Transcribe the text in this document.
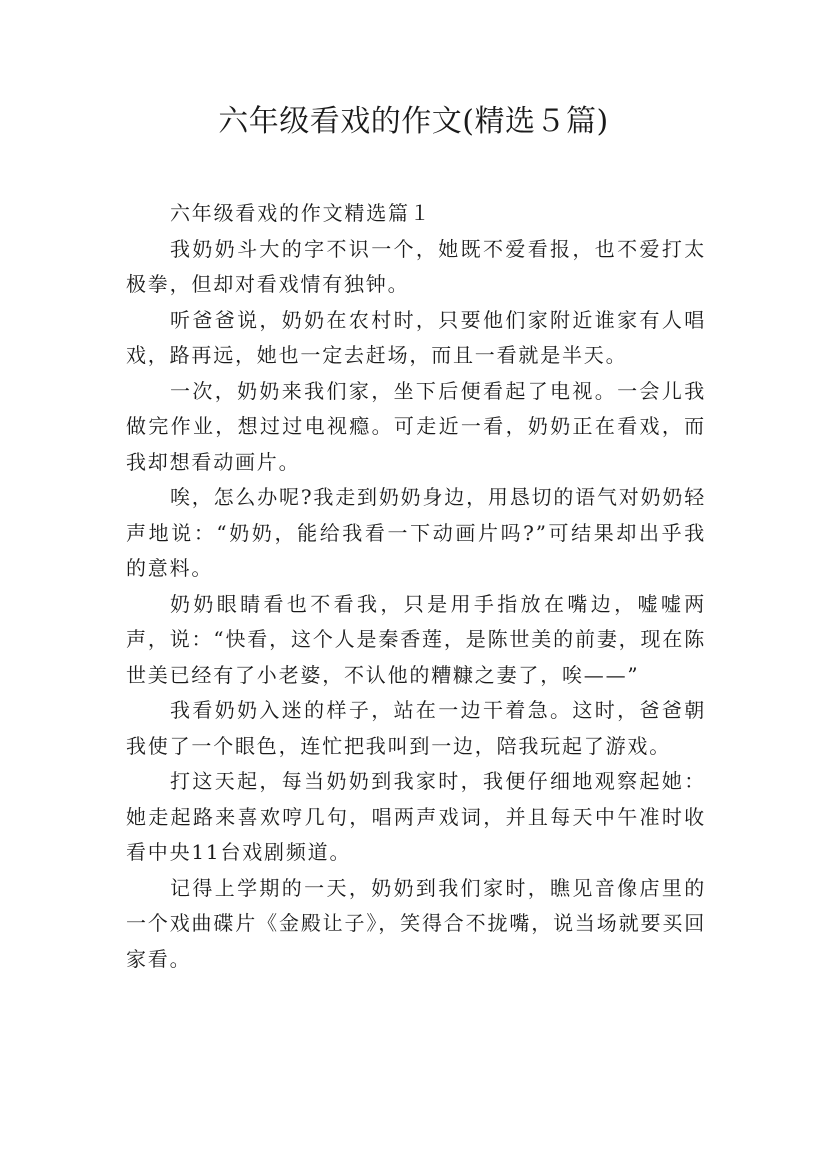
六年级看戏的作文(精选５篇)

六年级看戏的作文精选篇１

我奶奶斗大的字不识一个，她既不爱看报，也不爱打太极拳，但却对看戏情有独钟。

听爸爸说，奶奶在农村时，只要他们家附近谁家有人唱戏，路再远，她也一定去赶场，而且一看就是半天。

一次，奶奶来我们家，坐下后便看起了电视。一会儿我做完作业，想过过电视瘾。可走近一看，奶奶正在看戏，而我却想看动画片。

唉，怎么办呢?我走到奶奶身边，用恳切的语气对奶奶轻声地说：“奶奶，能给我看一下动画片吗?”可结果却出乎我的意料。

奶奶眼睛看也不看我，只是用手指放在嘴边，嘘嘘两声，说：“快看，这个人是秦香莲，是陈世美的前妻，现在陈世美已经有了小老婆，不认他的糟糠之妻了，唉——”

我看奶奶入迷的样子，站在一边干着急。这时，爸爸朝我使了一个眼色，连忙把我叫到一边，陪我玩起了游戏。

打这天起，每当奶奶到我家时，我便仔细地观察起她：她走起路来喜欢哼几句，唱两声戏词，并且每天中午准时收看中央11台戏剧频道。

记得上学期的一天，奶奶到我们家时，瞧见音像店里的一个戏曲碟片《金殿让子》，笑得合不拢嘴，说当场就要买回家看。
